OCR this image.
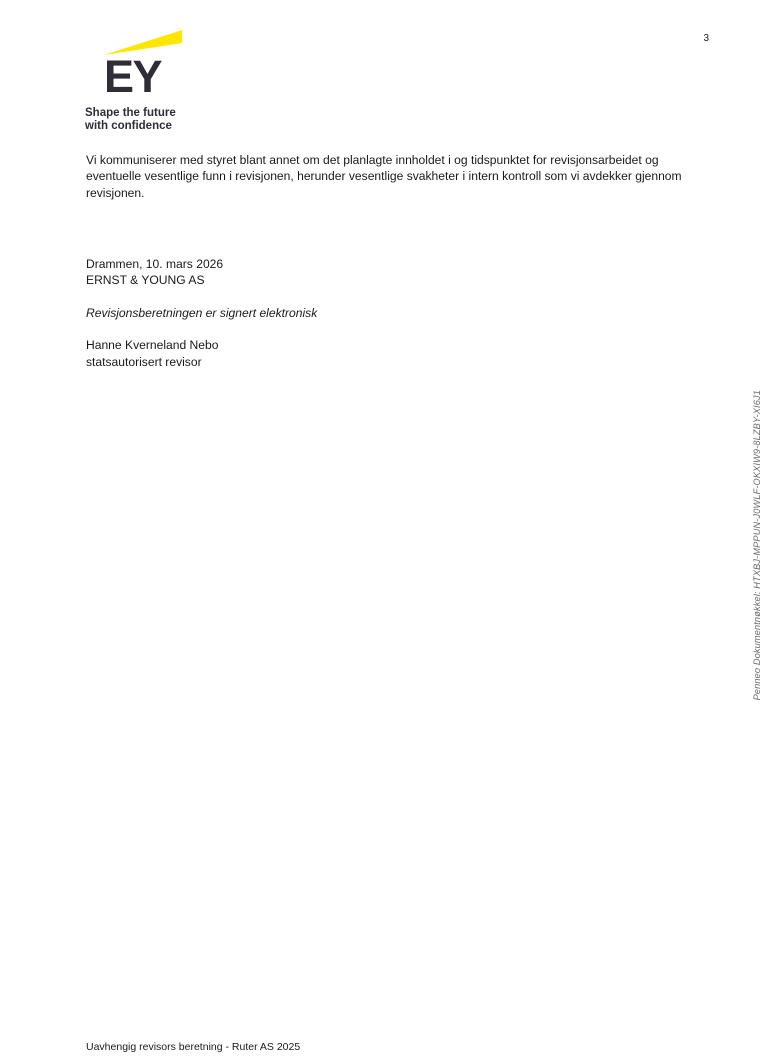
3
EY
Shape the future
with confidence
Vi kommuniserer med styret blant annet om det planlagte innholdet i og tidspunktet for revisjonsarbeidet og eventuelle vesentlige funn i revisjonen, herunder vesentlige svakheter i intern kontroll som vi avdekker gjennom revisjonen.
Drammen, 10. mars 2026
ERNST & YOUNG AS
Revisjonsberetningen er signert elektronisk
Hanne Kverneland Nebo
statsautorisert revisor
Penneo Dokumentnøkkel: HTXBJ-MPPUN-J0WLF-OKXIW9-8LZBY-XI6J1
Uavhengig revisors beretning - Ruter AS 2025
